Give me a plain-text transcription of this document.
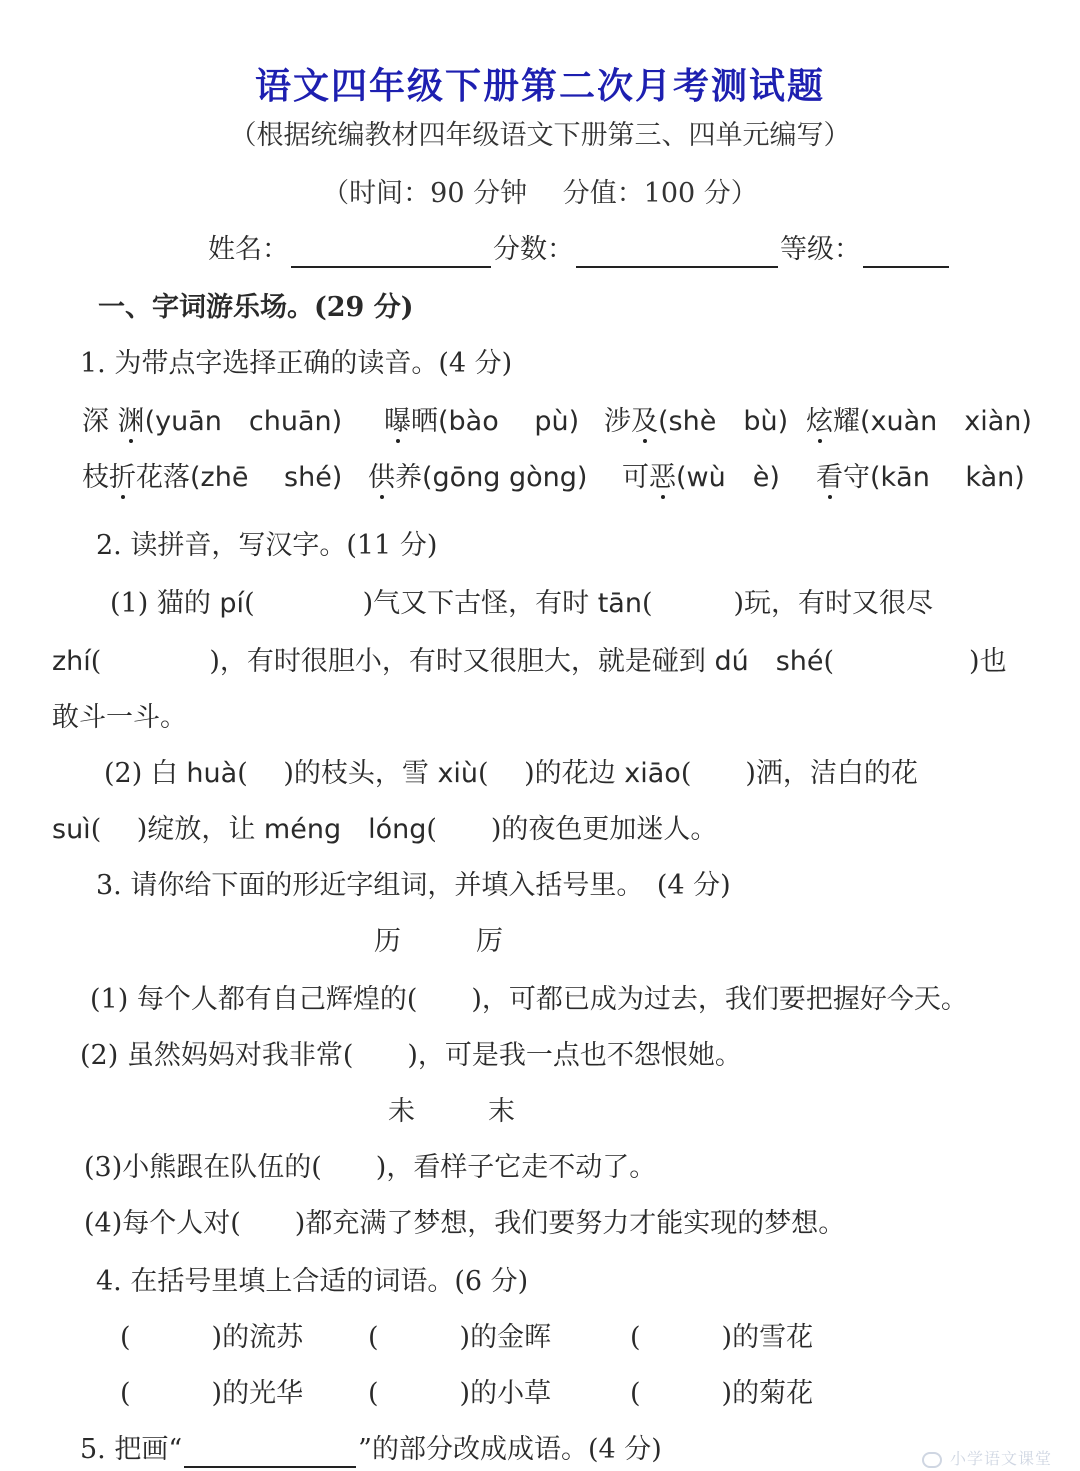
语文四年级下册第二次月考测试题
（根据统编教材四年级语文下册第三、四单元编写）
（时间：90 分钟　 分值：100 分）
姓名：	分数：	等级：
一、字词游乐场。(29 分)
1. 为带点字选择正确的读音。(4 分)
深 渊(yuān　chuān) 曝晒(bào　 pù) 涉及(shè　bù) 炫耀(xuàn　xiàn)
枝折花落(zhē　 shé) 供养(gōng gòng) 可恶(wù　è) 看守(kān　 kàn)
2. 读拼音，写汉字。(11 分)
(1) 猫的 pí(　　　　)气又下古怪，有时 tān(　　　)玩，有时又很尽
zhí(　　　　)，有时很胆小，有时又很胆大，就是碰到 dú　shé(　　　　　)也
敢斗一斗。
(2) 白 huà(　 )的枝头，雪 xiù(　 )的花边 xiāo(　　)洒，洁白的花
suì(　 )绽放，让 méng　lóng(　　)的夜色更加迷人。
3. 请你给下面的形近字组词，并填入括号里。　(4 分)
历	厉
(1) 每个人都有自己辉煌的(　　)，可都已成为过去，我们要把握好今天。
(2) 虽然妈妈对我非常(　　)，可是我一点也不怨恨她。
未	末
(3)小熊跟在队伍的(　　)，看样子它走不动了。
(4)每个人对(　　)都充满了梦想，我们要努力才能实现的梦想。
4. 在括号里填上合适的词语。(6 分)
(　　　)的流苏 (　　　)的金晖	(　　　)的雪花
(　　　)的光华 (　　　)的小草	(　　　)的菊花
5. 把画“	”的部分改成成语。(4 分)	小学语文课堂
